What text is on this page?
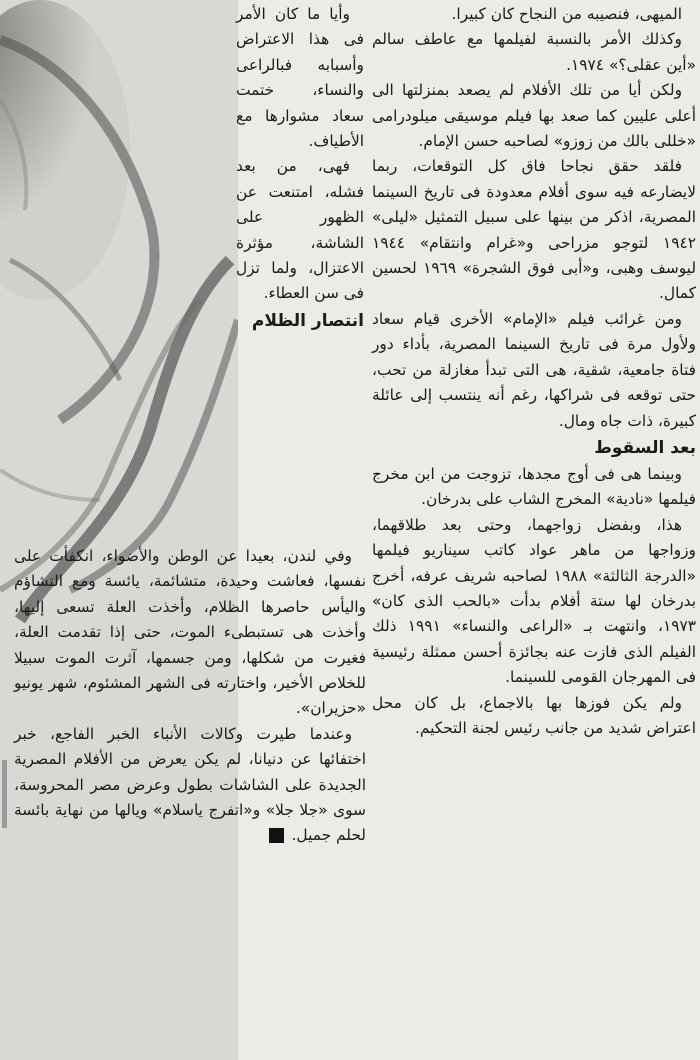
الميهى، فنصيبه من النجاح كان كبيرا.

وكذلك الأمر بالنسبة لفيلمها مع عاطف سالم «أين عقلى؟» ١٩٧٤.

ولكن أيا من تلك الأفلام لم يصعد بمنزلتها الى أعلى عليين كما صعد بها فيلم موسيقى ميلودرامى «خللى بالك من زوزو» لصاحبه حسن الإمام.

فلقد حقق نجاحا فاق كل التوقعات، ربما لايضارعه فيه سوى أفلام معدودة فى تاريخ السينما المصرية، اذكر من بينها على سبيل التمثيل «ليلى» ١٩٤٢ لتوجو مزراحى و«غرام وانتقام» ١٩٤٤ ليوسف وهبى، و«أبى فوق الشجرة» ١٩٦٩ لحسين كمال.

ومن غرائب فيلم «الإمام» الأخرى قيام سعاد ولأول مرة فى تاريخ السينما المصرية، بأداء دور فتاة جامعية، شقية، هى التى تبدأ مغازلة من تحب، حتى توقعه فى شراكها، رغم أنه ينتسب إلى عائلة كبيرة، ذات جاه ومال.

بعد السقوط

وبينما هى فى أوج مجدها، تزوجت من ابن مخرج فيلمها «نادية» المخرج الشاب على بدرخان.

هذا، وبفضل زواجهما، وحتى بعد طلاقهما، وزواجها من ماهر عواد كاتب سيناريو فيلمها «الدرجة الثالثة» ١٩٨٨ لصاحبه شريف عرفه، أخرج بدرخان لها ستة أفلام بدأت «بالحب الذى كان» ١٩٧٣، وانتهت بـ «الراعى والنساء» ١٩٩١ ذلك الفيلم الذى فازت عنه بجائزة أحسن ممثلة رئيسية فى المهرجان القومى للسينما.

ولم يكن فوزها بها بالاجماع، بل كان محل اعتراض شديد من جانب رئيس لجنة التحكيم.

وأيا ما كان الأمر فى هذا الاعتراض وأسبابه فبالراعى والنساء، ختمت سعاد مشوارها مع الأطياف.

فهى، من بعد فشله، امتنعت عن الظهور على الشاشة، مؤثرة الاعتزال، ولما تزل فى سن العطاء.

انتصار الظلام

وفي لندن، بعيدا عن الوطن والأضواء، انكفأت على نفسها، فعاشت وحيدة، متشائمة، يائسة ومع التشاؤم واليأس حاصرها الظلام، وأخذت العلة تسعى إليها، وأخذت هى تستبطىء الموت، حتى إذا تقدمت العلة، فغيرت من شكلها، ومن جسمها، آثرت الموت سبيلا للخلاص الأخير، واختارته فى الشهر المشئوم، شهر يونيو «حزيران».

وعندما طيرت وكالات الأنباء الخبر الفاجع، خبر اختفائها عن دنيانا، لم يكن يعرض من الأفلام المصرية الجديدة على الشاشات بطول وعرض مصر المحروسة، سوى «جلا جلا» و«اتفرج ياسلام» ويالها من نهاية بائسة لحلم جميل.
